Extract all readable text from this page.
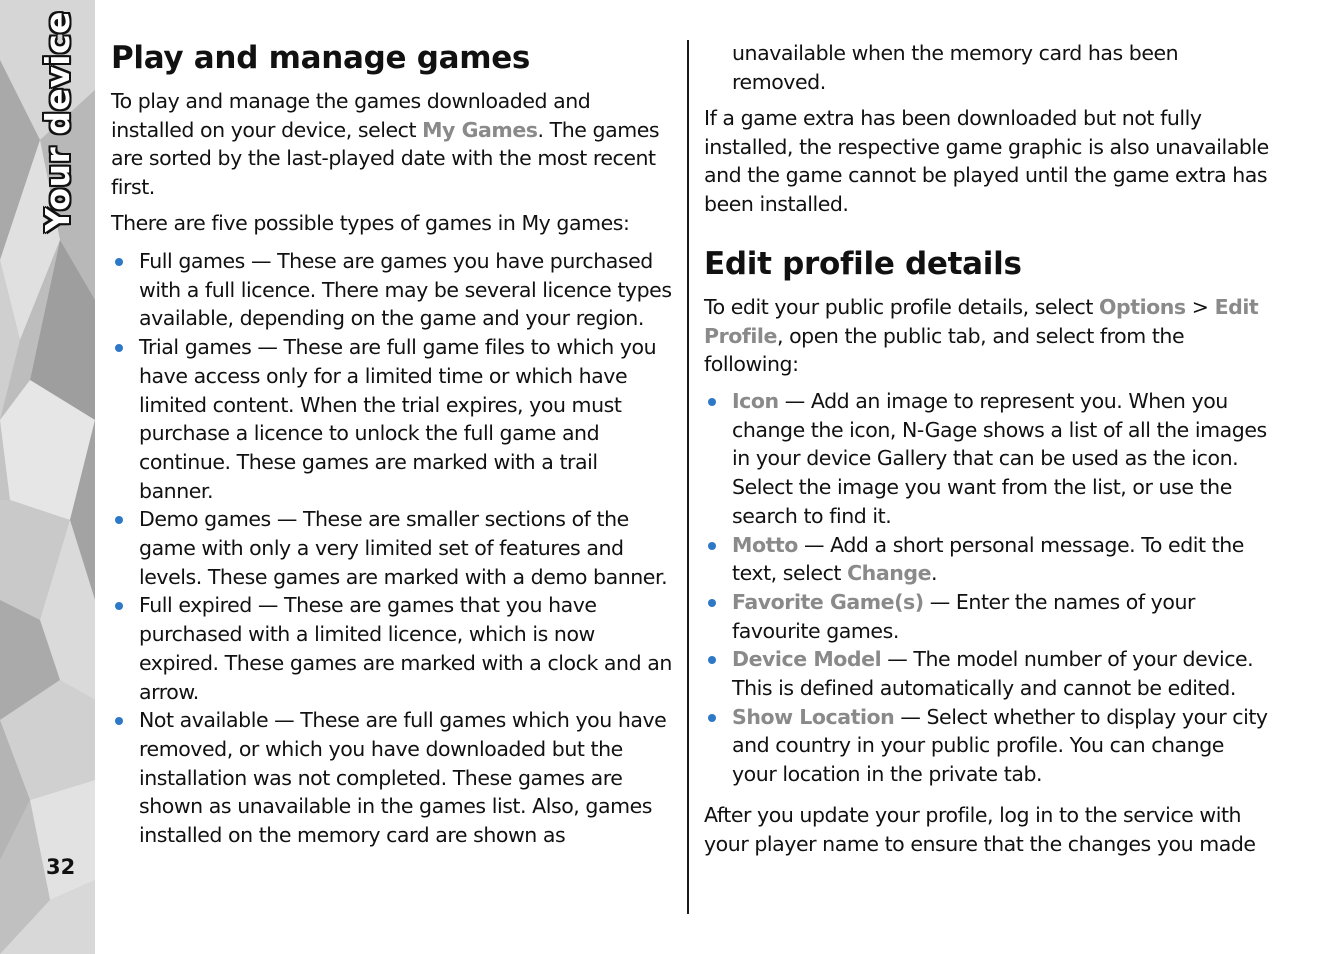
Your device
32
Play and manage games

To play and manage the games downloaded and installed on your device, select My Games. The games are sorted by the last-played date with the most recent first.

There are five possible types of games in My games:

Full games — These are games you have purchased with a full licence. There may be several licence types available, depending on the game and your region.
Trial games — These are full game files to which you have access only for a limited time or which have limited content. When the trial expires, you must purchase a licence to unlock the full game and continue. These games are marked with a trail banner.
Demo games — These are smaller sections of the game with only a very limited set of features and levels. These games are marked with a demo banner.
Full expired — These are games that you have purchased with a limited licence, which is now expired. These games are marked with a clock and an arrow.
Not available — These are full games which you have removed, or which you have downloaded but the installation was not completed. These games are shown as unavailable in the games list. Also, games installed on the memory card are shown as

unavailable when the memory card has been removed.

If a game extra has been downloaded but not fully installed, the respective game graphic is also unavailable and the game cannot be played until the game extra has been installed.

Edit profile details

To edit your public profile details, select Options > Edit Profile, open the public tab, and select from the following:

Icon — Add an image to represent you. When you change the icon, N-Gage shows a list of all the images in your device Gallery that can be used as the icon. Select the image you want from the list, or use the search to find it.
Motto — Add a short personal message. To edit the text, select Change.
Favorite Game(s) — Enter the names of your favourite games.
Device Model — The model number of your device. This is defined automatically and cannot be edited.
Show Location — Select whether to display your city and country in your public profile. You can change your location in the private tab.

After you update your profile, log in to the service with your player name to ensure that the changes you made
